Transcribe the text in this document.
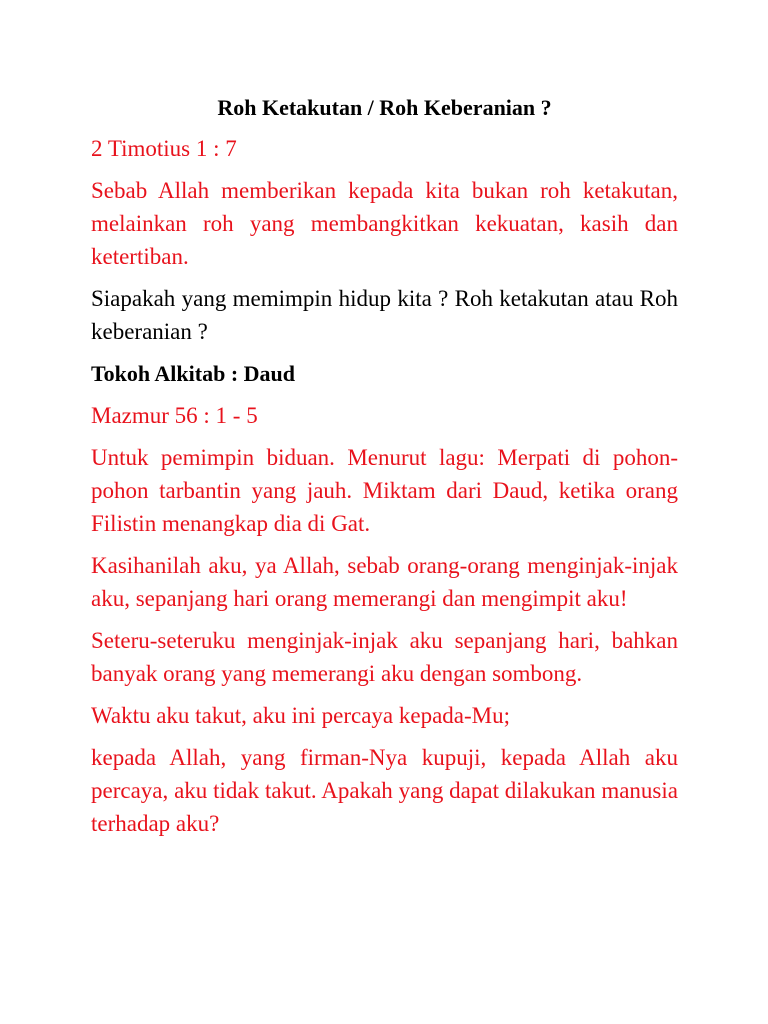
Roh Ketakutan / Roh Keberanian ?
2 Timotius 1 : 7
Sebab Allah memberikan kepada kita bukan roh ketakutan, melainkan roh yang membangkitkan kekuatan, kasih dan ketertiban.
Siapakah yang memimpin hidup kita ? Roh ketakutan atau Roh keberanian ?
Tokoh Alkitab : Daud
Mazmur 56 : 1 - 5
Untuk pemimpin biduan. Menurut lagu: Merpati di pohon-pohon tarbantin yang jauh. Miktam dari Daud, ketika orang Filistin menangkap dia di Gat.
Kasihanilah aku, ya Allah, sebab orang-orang menginjak-injak aku, sepanjang hari orang memerangi dan mengimpit aku!
Seteru-seteruku menginjak-injak aku sepanjang hari, bahkan banyak orang yang memerangi aku dengan sombong.
Waktu aku takut, aku ini percaya kepada-Mu;
kepada Allah, yang firman-Nya kupuji, kepada Allah aku percaya, aku tidak takut. Apakah yang dapat dilakukan manusia terhadap aku?
